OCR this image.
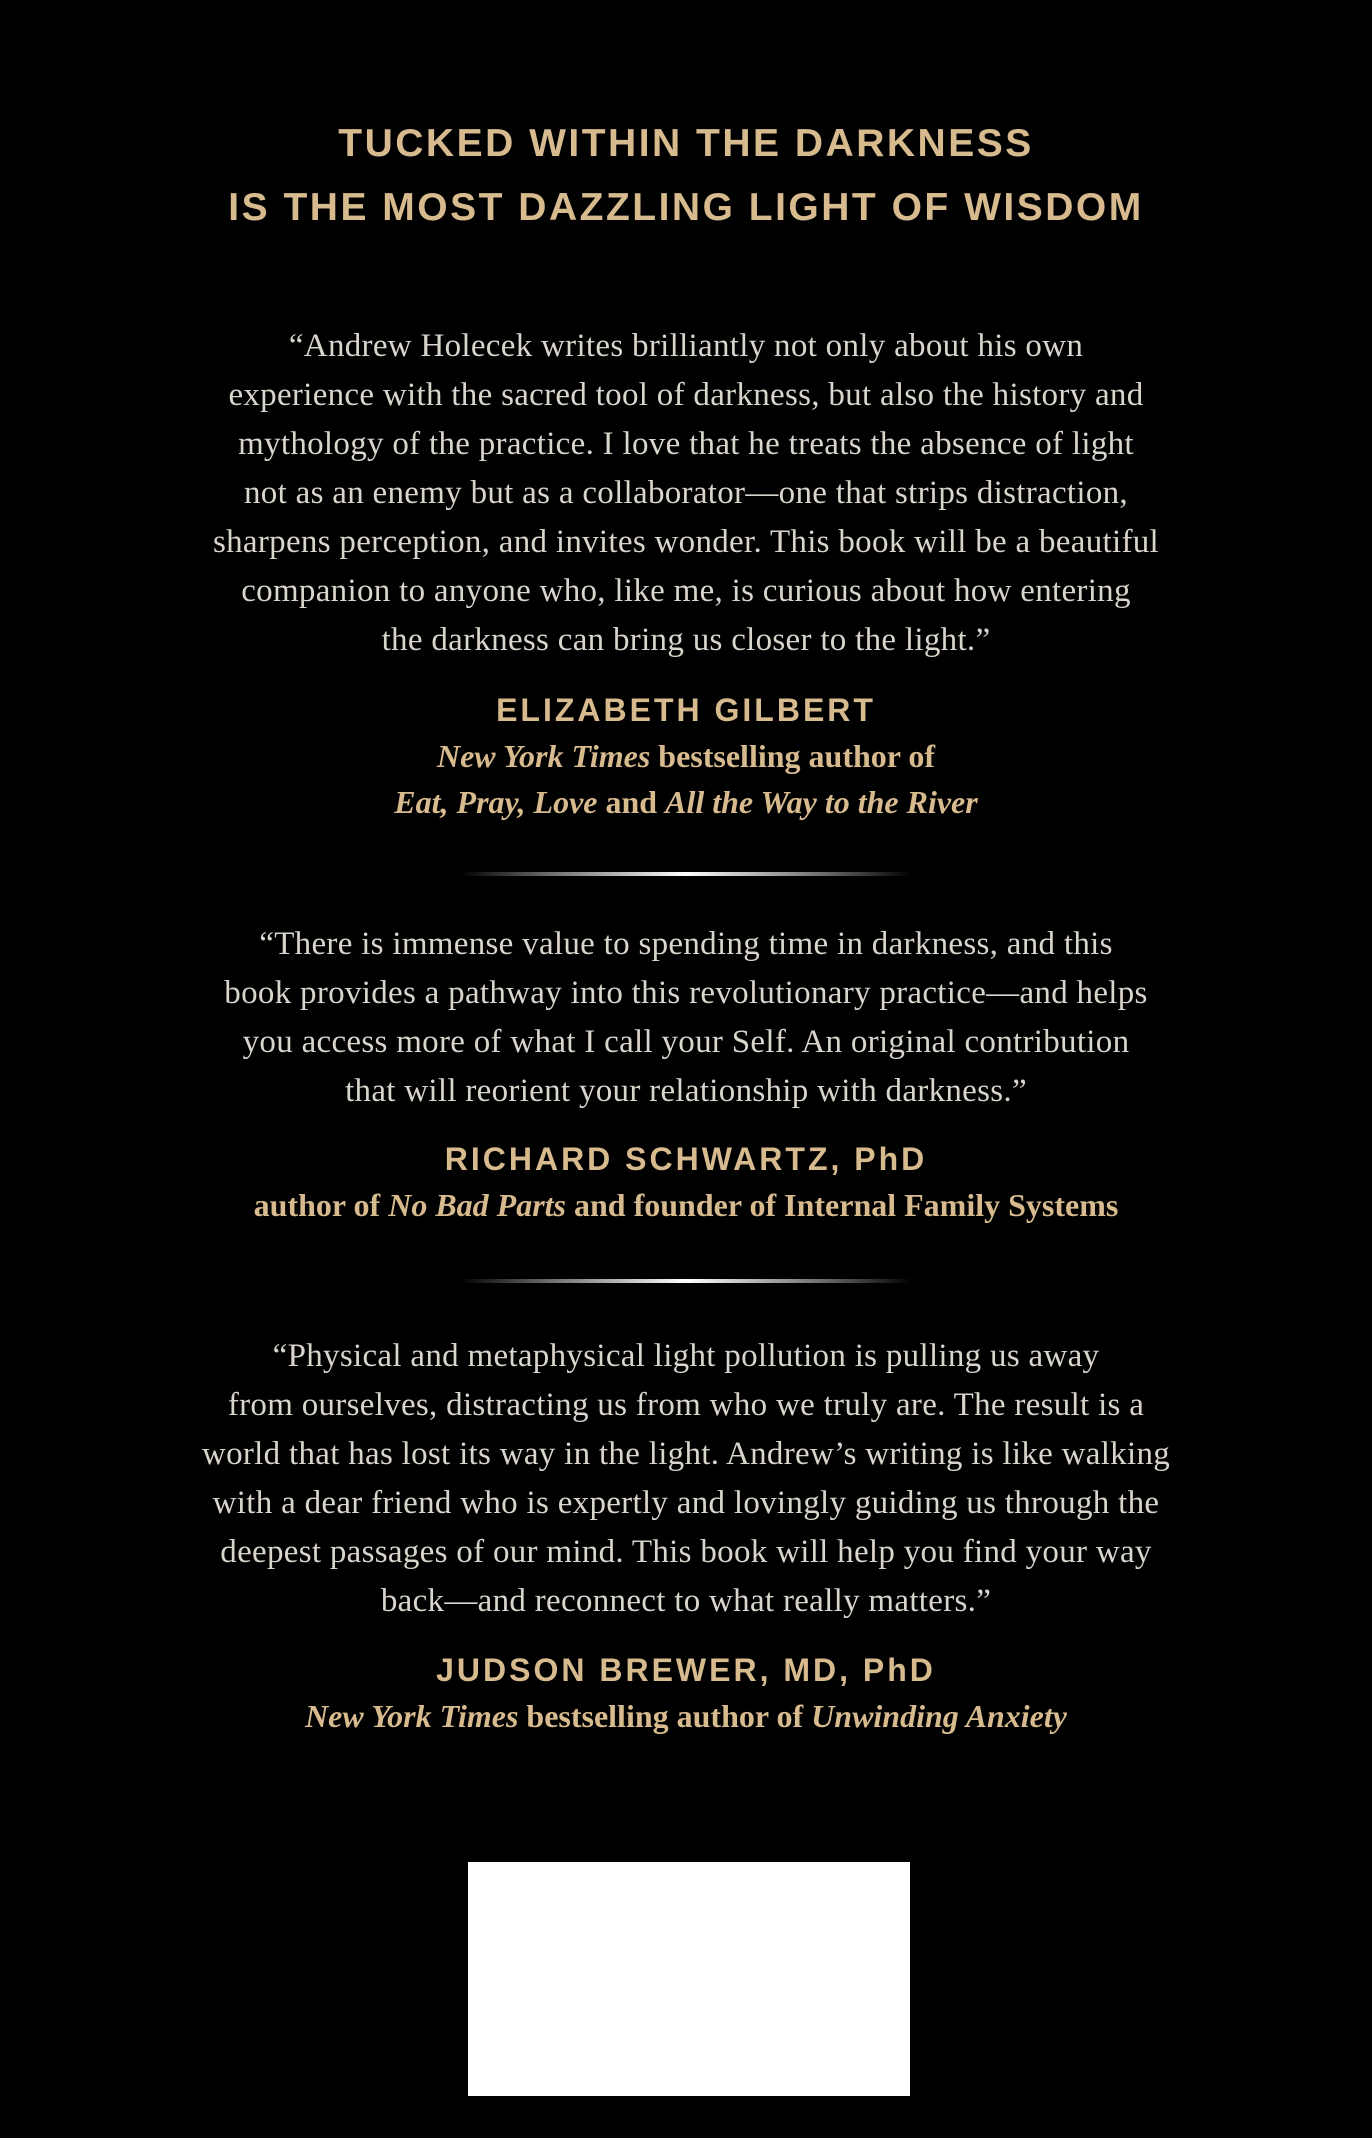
TUCKED WITHIN THE DARKNESS
IS THE MOST DAZZLING LIGHT OF WISDOM
“Andrew Holecek writes brilliantly not only about his own
experience with the sacred tool of darkness, but also the history and
mythology of the practice. I love that he treats the absence of light
not as an enemy but as a collaborator—one that strips distraction,
sharpens perception, and invites wonder. This book will be a beautiful
companion to anyone who, like me, is curious about how entering
the darkness can bring us closer to the light.”
ELIZABETH GILBERT
New York Times bestselling author of
Eat, Pray, Love and All the Way to the River
“There is immense value to spending time in darkness, and this
book provides a pathway into this revolutionary practice—and helps
you access more of what I call your Self. An original contribution
that will reorient your relationship with darkness.”
RICHARD SCHWARTZ, PhD
author of No Bad Parts and founder of Internal Family Systems
“Physical and metaphysical light pollution is pulling us away
from ourselves, distracting us from who we truly are. The result is a
world that has lost its way in the light. Andrew’s writing is like walking
with a dear friend who is expertly and lovingly guiding us through the
deepest passages of our mind. This book will help you find your way
back—and reconnect to what really matters.”
JUDSON BREWER, MD, PhD
New York Times bestselling author of Unwinding Anxiety
